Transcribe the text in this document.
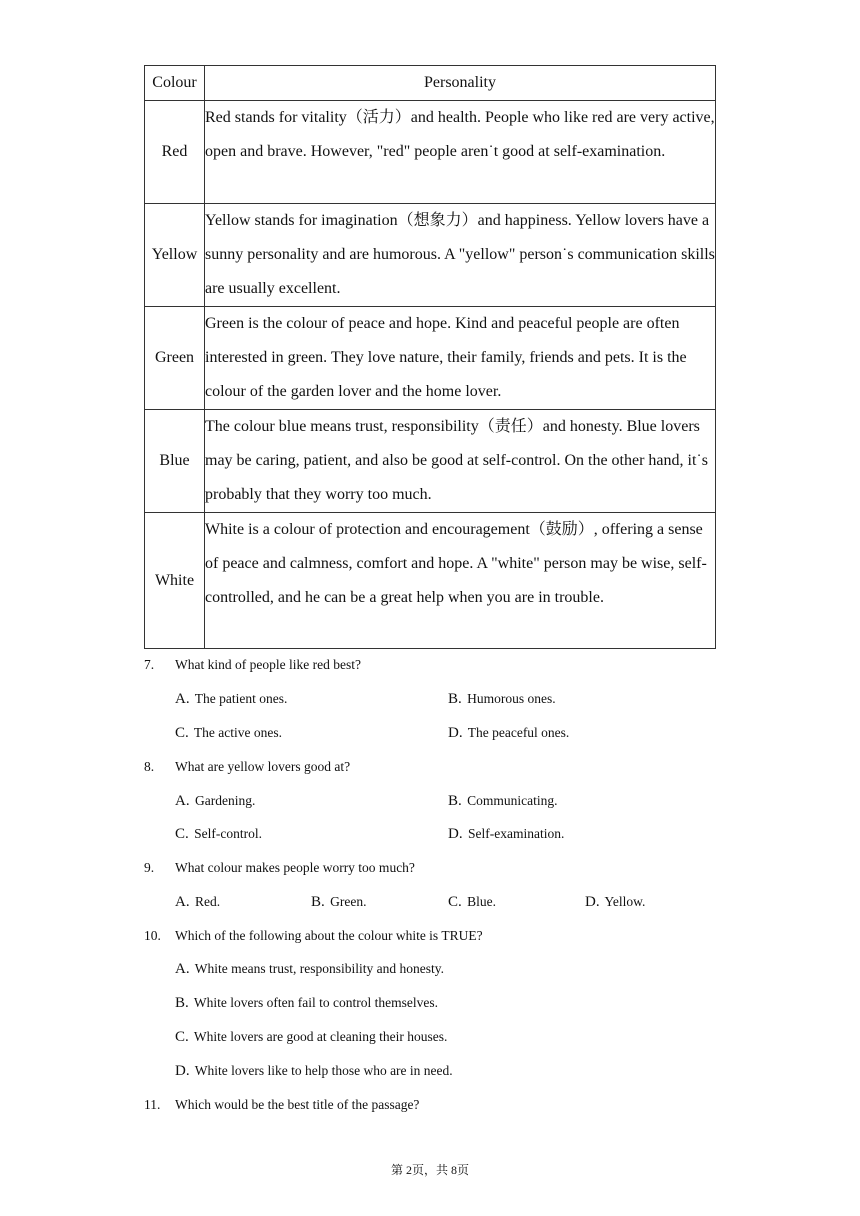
Colour	Personality
Red	Red stands for vitality（活力）and health. People who like red are very active, open and brave. However, "red" people aren˙t good at self-examination.
Yellow	Yellow stands for imagination（想象力）and happiness. Yellow lovers have a sunny personality and are humorous. A "yellow" person˙s communication skills are usually excellent.
Green	Green is the colour of peace and hope. Kind and peaceful people are often interested in green. They love nature, their family, friends and pets. It is the colour of the garden lover and the home lover.
Blue	The colour blue means trust, responsibility（责任）and honesty. Blue lovers may be caring, patient, and also be good at self-control. On the other hand, it˙s probably that they worry too much.
White	White is a colour of protection and encouragement（鼓励）, offering a sense of peace and calmness, comfort and hope. A "white" person may be wise, self-controlled, and he can be a great help when you are in trouble.
7. What kind of people like red best?
A. The patient ones.	B. Humorous ones.
C. The active ones.	D. The peaceful ones.
8. What are yellow lovers good at?
A. Gardening.	B. Communicating.
C. Self-control.	D. Self-examination.
9. What colour makes people worry too much?
A. Red.	B. Green.	C. Blue.	D. Yellow.
10. Which of the following about the colour white is TRUE?
A. White means trust, responsibility and honesty.
B. White lovers often fail to control themselves.
C. White lovers are good at cleaning their houses.
D. White lovers like to help those who are in need.
11. Which would be the best title of the passage?
第 2页，共 8页
